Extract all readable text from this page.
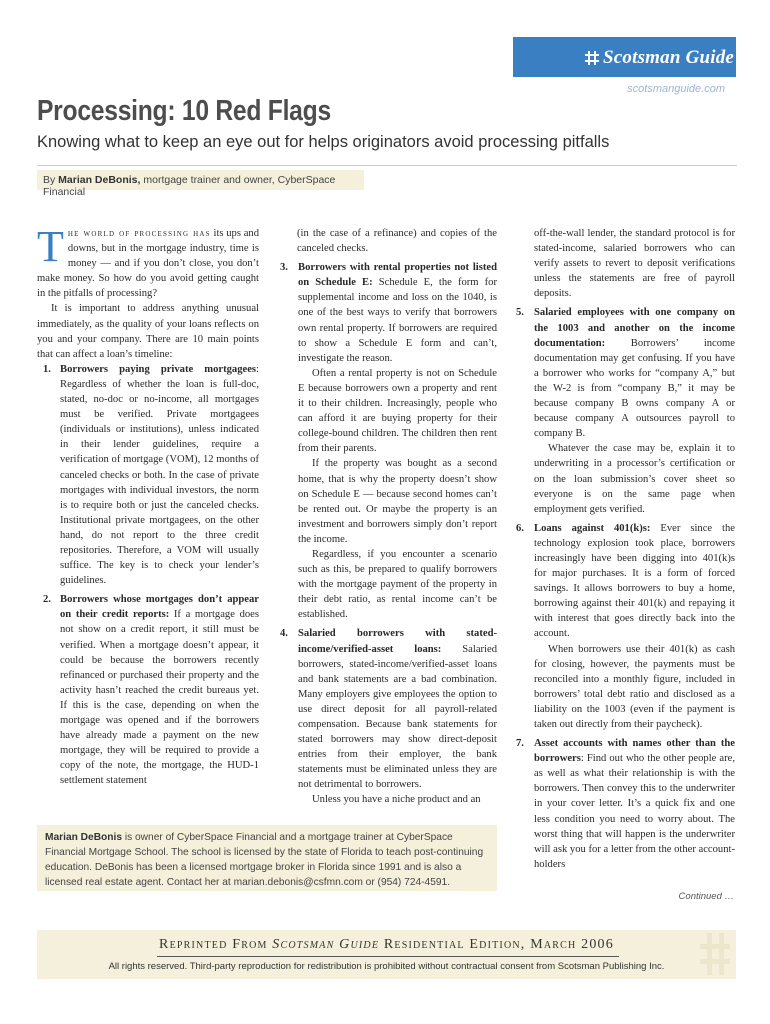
Scotsman Guide
scotsmanguide.com
Processing: 10 Red Flags
Knowing what to keep an eye out for helps originators avoid processing pitfalls
By Marian DeBonis, mortgage trainer and owner, CyberSpace Financial

The world of processing has its ups and downs, but in the mortgage industry, time is money — and if you don’t close, you don’t make money. So how do you avoid getting caught in the pitfalls of processing?

It is important to address anything unusual immediately, as the quality of your loans reflects on you and your company. There are 10 main points that can affect a loan’s timeline:

1. Borrowers paying private mortgagees: Regardless of whether the loan is full-doc, stated, no-doc or no-income, all mortgages must be verified. Private mortgagees (individuals or institutions), unless indicated in their lender guidelines, require a verification of mortgage (VOM), 12 months of canceled checks or both. In the case of private mortgages with individual investors, the norm is to require both or just the canceled checks. Institutional private mortgagees, on the other hand, do not report to the three credit repositories. Therefore, a VOM will usually suffice. The key is to check your lender’s guidelines.
2. Borrowers whose mortgages don’t appear on their credit reports: If a mortgage does not show on a credit report, it still must be verified. When a mortgage doesn’t appear, it could be because the borrowers recently refinanced or purchased their property and the activity hasn’t reached the credit bureaus yet. If this is the case, depending on when the mortgage was opened and if the borrowers have already made a payment on the new mortgage, they will be required to provide a copy of the note, the mortgage, the HUD-1 settlement statement

(in the case of a refinance) and copies of the canceled checks.

3. Borrowers with rental properties not listed on Schedule E: Schedule E, the form for supplemental income and loss on the 1040, is one of the best ways to verify that borrowers own rental property. If borrowers are required to show a Schedule E form and can’t, investigate the reason.

Often a rental property is not on Schedule E because borrowers own a property and rent it to their children. Increasingly, people who can afford it are buying property for their college-bound children. The children then rent from their parents.

If the property was bought as a second home, that is why the property doesn’t show on Schedule E — because second homes can’t be rented out. Or maybe the property is an investment and borrowers simply don’t report the income.

Regardless, if you encounter a scenario such as this, be prepared to qualify borrowers with the mortgage payment of the property in their debt ratio, as rental income can’t be established.

4. Salaried borrowers with stated-income/verified-asset loans: Salaried borrowers, stated-income/verified-asset loans and bank statements are a bad combination. Many employers give employees the option to use direct deposit for all payroll-related compensation. Because bank statements for stated borrowers may show direct-deposit entries from their employer, the bank statements must be eliminated unless they are not detrimental to borrowers.

Unless you have a niche product and an

off-the-wall lender, the standard protocol is for stated-income, salaried borrowers who can verify assets to revert to deposit verifications unless the statements are free of payroll deposits.

5. Salaried employees with one company on the 1003 and another on the income documentation: Borrowers’ income documentation may get confusing. If you have a borrower who works for “company A,” but the W-2 is from “company B,” it may be because company B owns company A or because company A outsources payroll to company B.

Whatever the case may be, explain it to underwriting in a processor’s certification or on the loan submission’s cover sheet so everyone is on the same page when employment gets verified.

6. Loans against 401(k)s: Ever since the technology explosion took place, borrowers increasingly have been digging into 401(k)s for major purchases. It is a form of forced savings. It allows borrowers to buy a home, borrowing against their 401(k) and repaying it with interest that goes directly back into the account.

When borrowers use their 401(k) as cash for closing, however, the payments must be reconciled into a monthly figure, included in borrowers’ total debt ratio and disclosed as a liability on the 1003 (even if the payment is taken out directly from their paycheck).

7. Asset accounts with names other than the borrowers: Find out who the other people are, as well as what their relationship is with the borrowers. Then convey this to the underwriter in your cover letter. It’s a quick fix and one less condition you need to worry about. The worst thing that will happen is the underwriter will ask you for a letter from the other account-holders
Continued …
Marian DeBonis is owner of CyberSpace Financial and a mortgage trainer at CyberSpace Financial Mortgage School. The school is licensed by the state of Florida to teach post-continuing education. DeBonis has been a licensed mortgage broker in Florida since 1991 and is also a licensed real estate agent. Contact her at marian.debonis@csfmn.com or (954) 724-4591.
Reprinted From Scotsman Guide Residential Edition, March 2006
All rights reserved. Third-party reproduction for redistribution is prohibited without contractual consent from Scotsman Publishing Inc.
